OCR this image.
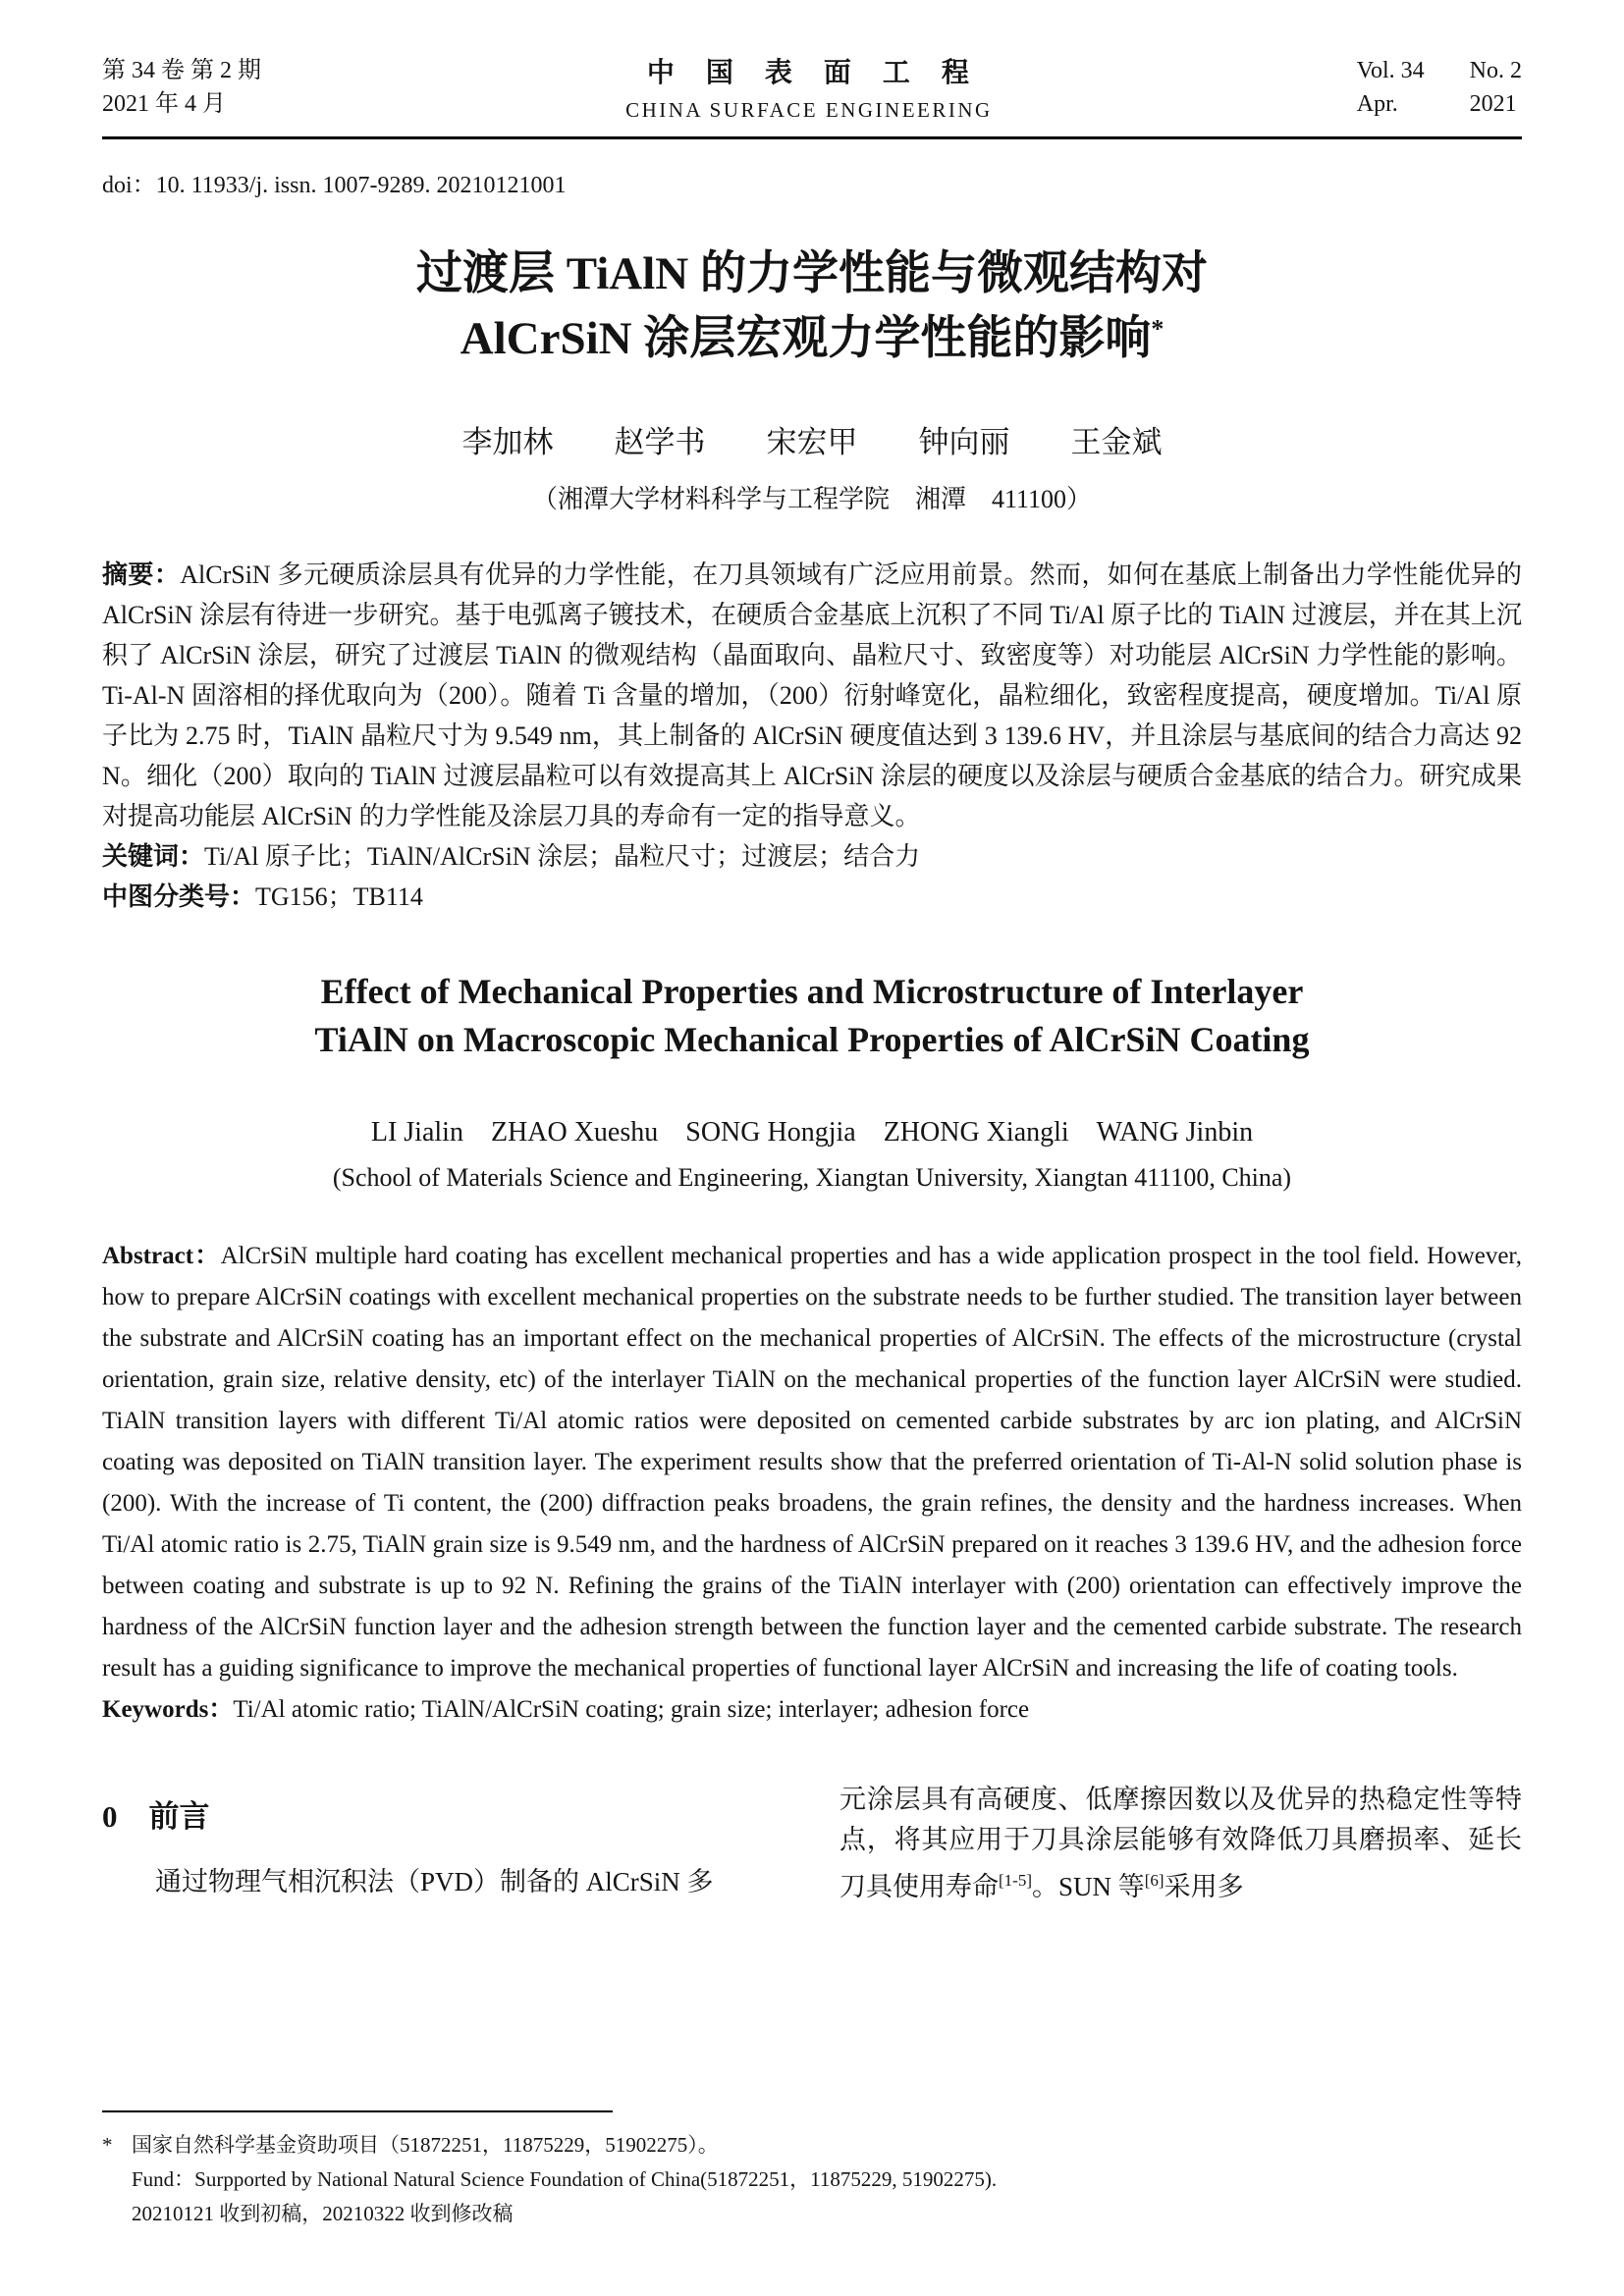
第 34 卷 第 2 期
2021 年 4 月
中　国　表　面　工　程
CHINA SURFACE ENGINEERING
Vol. 34 No. 2
Apr.	2021
doi：10. 11933/j. issn. 1007-9289. 20210121001
过渡层 TiAlN 的力学性能与微观结构对
AlCrSiN 涂层宏观力学性能的影响*
李加林　　赵学书　　宋宏甲　　钟向丽　　王金斌
（湘潭大学材料科学与工程学院　湘潭　411100）

摘要：AlCrSiN 多元硬质涂层具有优异的力学性能，在刀具领域有广泛应用前景。然而，如何在基底上制备出力学性能优异的 AlCrSiN 涂层有待进一步研究。基于电弧离子镀技术，在硬质合金基底上沉积了不同 Ti/Al 原子比的 TiAlN 过渡层，并在其上沉积了 AlCrSiN 涂层，研究了过渡层 TiAlN 的微观结构（晶面取向、晶粒尺寸、致密度等）对功能层 AlCrSiN 力学性能的影响。Ti-Al-N 固溶相的择优取向为（200）。随着 Ti 含量的增加，（200）衍射峰宽化，晶粒细化，致密程度提高，硬度增加。Ti/Al 原子比为 2.75 时，TiAlN 晶粒尺寸为 9.549 nm，其上制备的 AlCrSiN 硬度值达到 3 139.6 HV，并且涂层与基底间的结合力高达 92 N。细化（200）取向的 TiAlN 过渡层晶粒可以有效提高其上 AlCrSiN 涂层的硬度以及涂层与硬质合金基底的结合力。研究成果对提高功能层 AlCrSiN 的力学性能及涂层刀具的寿命有一定的指导意义。

关键词：Ti/Al 原子比；TiAlN/AlCrSiN 涂层；晶粒尺寸；过渡层；结合力

中图分类号：TG156；TB114

Effect of Mechanical Properties and Microstructure of Interlayer
TiAlN on Macroscopic Mechanical Properties of AlCrSiN Coating
LI Jialin　ZHAO Xueshu　SONG Hongjia　ZHONG Xiangli　WANG Jinbin
(School of Materials Science and Engineering, Xiangtan University, Xiangtan 411100, China)

Abstract：AlCrSiN multiple hard coating has excellent mechanical properties and has a wide application prospect in the tool field. However, how to prepare AlCrSiN coatings with excellent mechanical properties on the substrate needs to be further studied. The transition layer between the substrate and AlCrSiN coating has an important effect on the mechanical properties of AlCrSiN. The effects of the microstructure (crystal orientation, grain size, relative density, etc) of the interlayer TiAlN on the mechanical properties of the function layer AlCrSiN were studied. TiAlN transition layers with different Ti/Al atomic ratios were deposited on cemented carbide substrates by arc ion plating, and AlCrSiN coating was deposited on TiAlN transition layer. The experiment results show that the preferred orientation of Ti-Al-N solid solution phase is (200). With the increase of Ti content, the (200) diffraction peaks broadens, the grain refines, the density and the hardness increases. When Ti/Al atomic ratio is 2.75, TiAlN grain size is 9.549 nm, and the hardness of AlCrSiN prepared on it reaches 3 139.6 HV, and the adhesion force between coating and substrate is up to 92 N. Refining the grains of the TiAlN interlayer with (200) orientation can effectively improve the hardness of the AlCrSiN function layer and the adhesion strength between the function layer and the cemented carbide substrate. The research result has a guiding significance to improve the mechanical properties of functional layer AlCrSiN and increasing the life of coating tools.

Keywords：Ti/Al atomic ratio; TiAlN/AlCrSiN coating; grain size; interlayer; adhesion force

0 前言

通过物理气相沉积法（PVD）制备的 AlCrSiN 多

元涂层具有高硬度、低摩擦因数以及优异的热稳定性等特点，将其应用于刀具涂层能够有效降低刀具磨损率、延长刀具使用寿命[1-5]。SUN 等[6]采用多

* 国家自然科学基金资助项目（51872251，11875229，51902275）。

Fund：Surpported by National Natural Science Foundation of China(51872251，11875229, 51902275).

20210121 收到初稿，20210322 收到修改稿
